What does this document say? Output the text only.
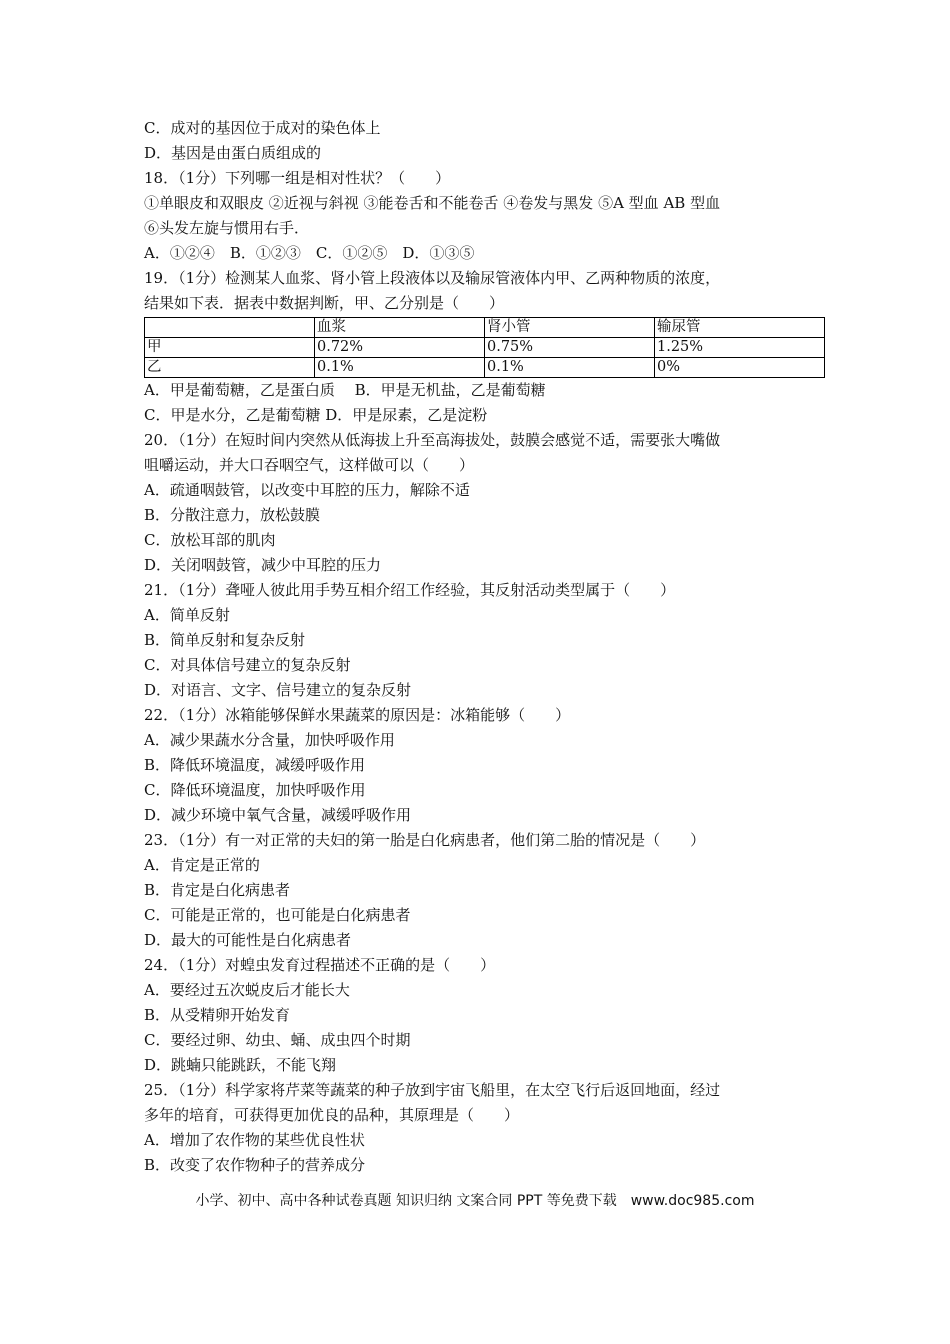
C．成对的基因位于成对的染色体上
D．基因是由蛋白质组成的
18．（1分）下列哪一组是相对性状？（　　）
①单眼皮和双眼皮 ②近视与斜视 ③能卷舌和不能卷舌 ④卷发与黑发 ⑤A 型血 AB 型血
⑥头发左旋与惯用右手．
A．①②④　B．①②③　C．①②⑤　D．①③⑤
19．（1分）检测某人血浆、肾小管上段液体以及输尿管液体内甲、乙两种物质的浓度，
结果如下表．据表中数据判断，甲、乙分别是（　　）
	血浆	肾小管	输尿管
甲	0.72%	0.75%	1.25%
乙	0.1%	0.1%	0%
A．甲是葡萄糖，乙是蛋白质　 B．甲是无机盐，乙是葡萄糖
C．甲是水分，乙是葡萄糖 D．甲是尿素，乙是淀粉
20．（1分）在短时间内突然从低海拔上升至高海拔处，鼓膜会感觉不适，需要张大嘴做
咀嚼运动，并大口吞咽空气，这样做可以（　　）
A．疏通咽鼓管，以改变中耳腔的压力，解除不适
B．分散注意力，放松鼓膜
C．放松耳部的肌肉
D．关闭咽鼓管，减少中耳腔的压力
21．（1分）聋哑人彼此用手势互相介绍工作经验，其反射活动类型属于（　　）
A．简单反射
B．简单反射和复杂反射
C．对具体信号建立的复杂反射
D．对语言、文字、信号建立的复杂反射
22．（1分）冰箱能够保鲜水果蔬菜的原因是：冰箱能够（　　）
A．减少果蔬水分含量，加快呼吸作用
B．降低环境温度，减缓呼吸作用
C．降低环境温度，加快呼吸作用
D．减少环境中氧气含量，减缓呼吸作用
23．（1分）有一对正常的夫妇的第一胎是白化病患者，他们第二胎的情况是（　　）
A．肯定是正常的
B．肯定是白化病患者
C．可能是正常的，也可能是白化病患者
D．最大的可能性是白化病患者
24．（1分）对蝗虫发育过程描述不正确的是（　　）
A．要经过五次蜕皮后才能长大
B．从受精卵开始发育
C．要经过卵、幼虫、蛹、成虫四个时期
D．跳蝻只能跳跃，不能飞翔
25．（1分）科学家将芹菜等蔬菜的种子放到宇宙飞船里，在太空飞行后返回地面，经过
多年的培育，可获得更加优良的品种，其原理是（　　）
A．增加了农作物的某些优良性状
B．改变了农作物种子的营养成分
小学、初中、高中各种试卷真题 知识归纳 文案合同 PPT 等免费下载　www.doc985.com
